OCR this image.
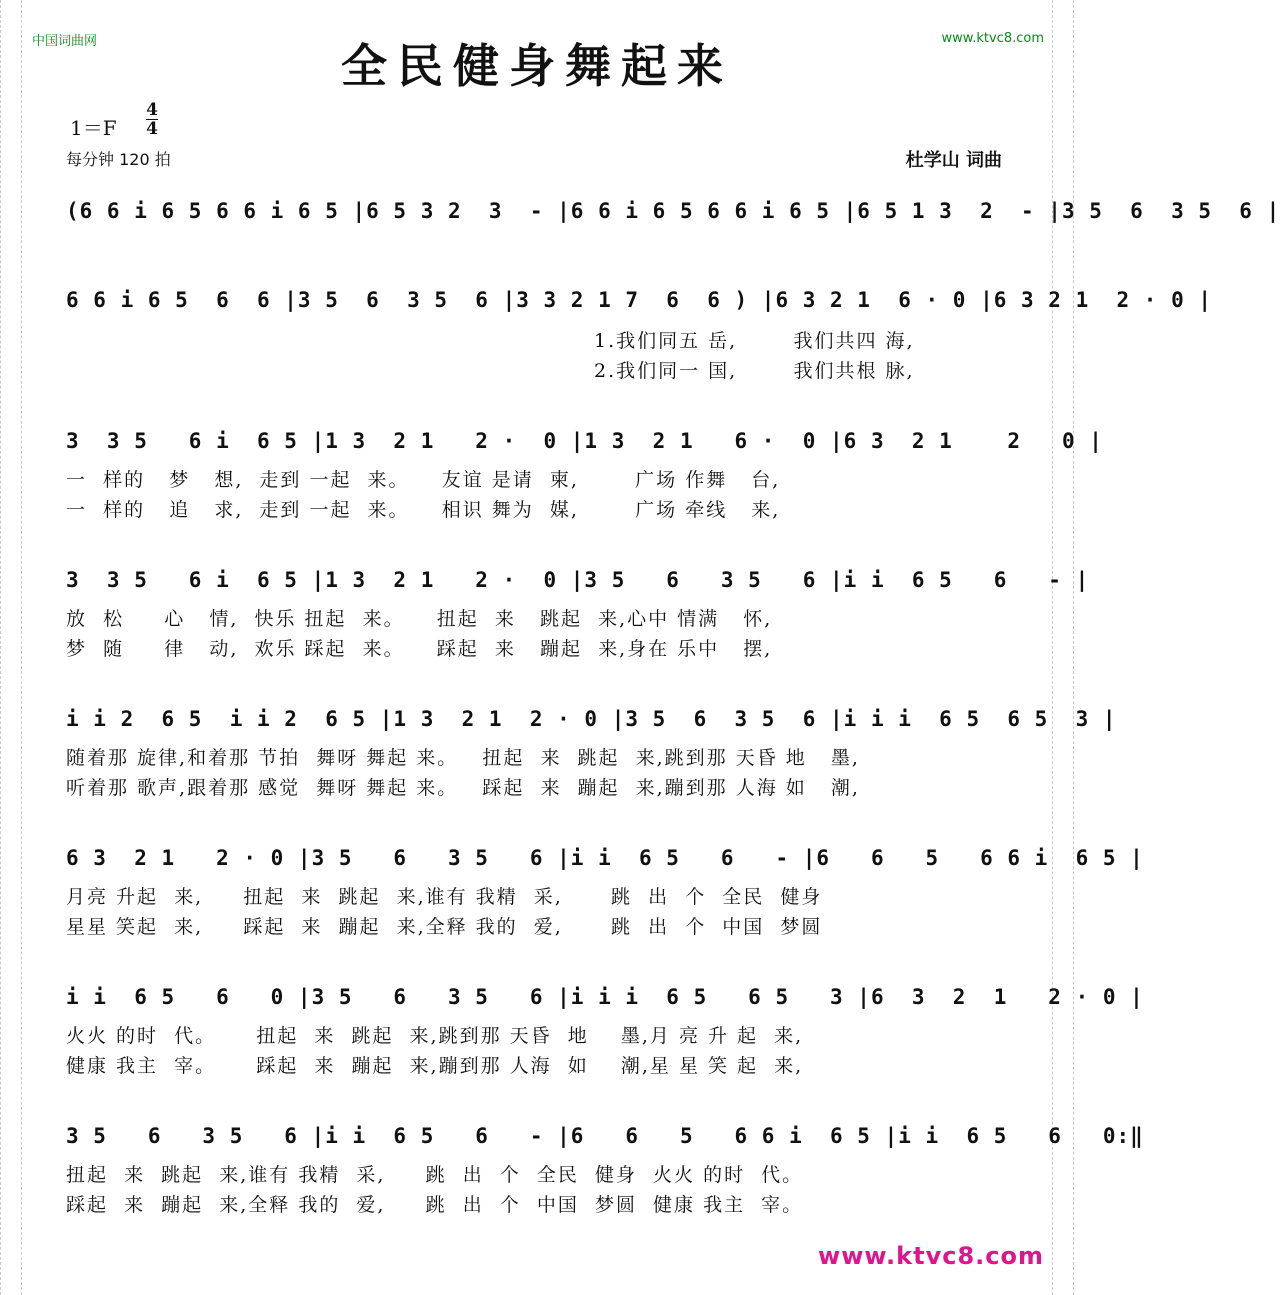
中国词曲网	www.ktvc8.com
全民健身舞起来
1＝F
4
4
每分钟 120 拍	杜学山 词曲
(6 6 i 6 5 6 6 i 6 5 |6 5 3 2  3  - |6 6 i 6 5 6 6 i 6 5 |6 5 1 3  2  - |3 5  6  3 5  6 |
6 6 i 6 5  6  6 |3 5  6  3 5  6 |3 3 2 1 7  6  6 ) |6 3 2 1  6 · 0 |6 3 2 1  2 · 0 |
1.我们同五 岳,       我们共四 海,
2.我们同一 国,       我们共根 脉,
3  3 5   6 i  6 5 |1 3  2 1   2 ·  0 |1 3  2 1   6 ·  0 |6 3  2 1    2   0 |
一  样的   梦   想,  走到 一起  来。    友谊 是请  柬,       广场 作舞   台,
一  样的   追   求,  走到 一起  来。    相识 舞为  媒,       广场 牵线   来,
3  3 5   6 i  6 5 |1 3  2 1   2 ·  0 |3 5   6   3 5   6 |i i  6 5   6   - |
放  松     心   情,  快乐 扭起  来。    扭起  来   跳起  来,心中 情满   怀,
梦  随     律   动,  欢乐 踩起  来。    踩起  来   蹦起  来,身在 乐中   摆,
i i 2  6 5  i i 2  6 5 |1 3  2 1  2 · 0 |3 5  6  3 5  6 |i i i  6 5  6 5  3 |
随着那 旋律,和着那 节拍  舞呀 舞起 来。   扭起  来  跳起  来,跳到那 天昏 地   墨,
听着那 歌声,跟着那 感觉  舞呀 舞起 来。   踩起  来  蹦起  来,蹦到那 人海 如   潮,
6 3  2 1   2 · 0 |3 5   6   3 5   6 |i i  6 5   6   - |6   6   5   6 6 i  6 5 |
月亮 升起  来,     扭起  来  跳起  来,谁有 我精  采,      跳  出  个  全民  健身
星星 笑起  来,     踩起  来  蹦起  来,全释 我的  爱,      跳  出  个  中国  梦圆
i i  6 5   6   0 |3 5   6   3 5   6 |i i i  6 5   6 5   3 |6  3  2  1   2 · 0 |
火火 的时  代。     扭起  来  跳起  来,跳到那 天昏  地    墨,月 亮 升 起  来,
健康 我主  宰。     踩起  来  蹦起  来,蹦到那 人海  如    潮,星 星 笑 起  来,
3 5   6   3 5   6 |i i  6 5   6   - |6   6   5   6 6 i  6 5 |i i  6 5   6   0:‖
扭起  来  跳起  来,谁有 我精  采,     跳  出  个  全民  健身  火火 的时  代。
踩起  来  蹦起  来,全释 我的  爱,     跳  出  个  中国  梦圆  健康 我主  宰。
www.ktvc8.com
